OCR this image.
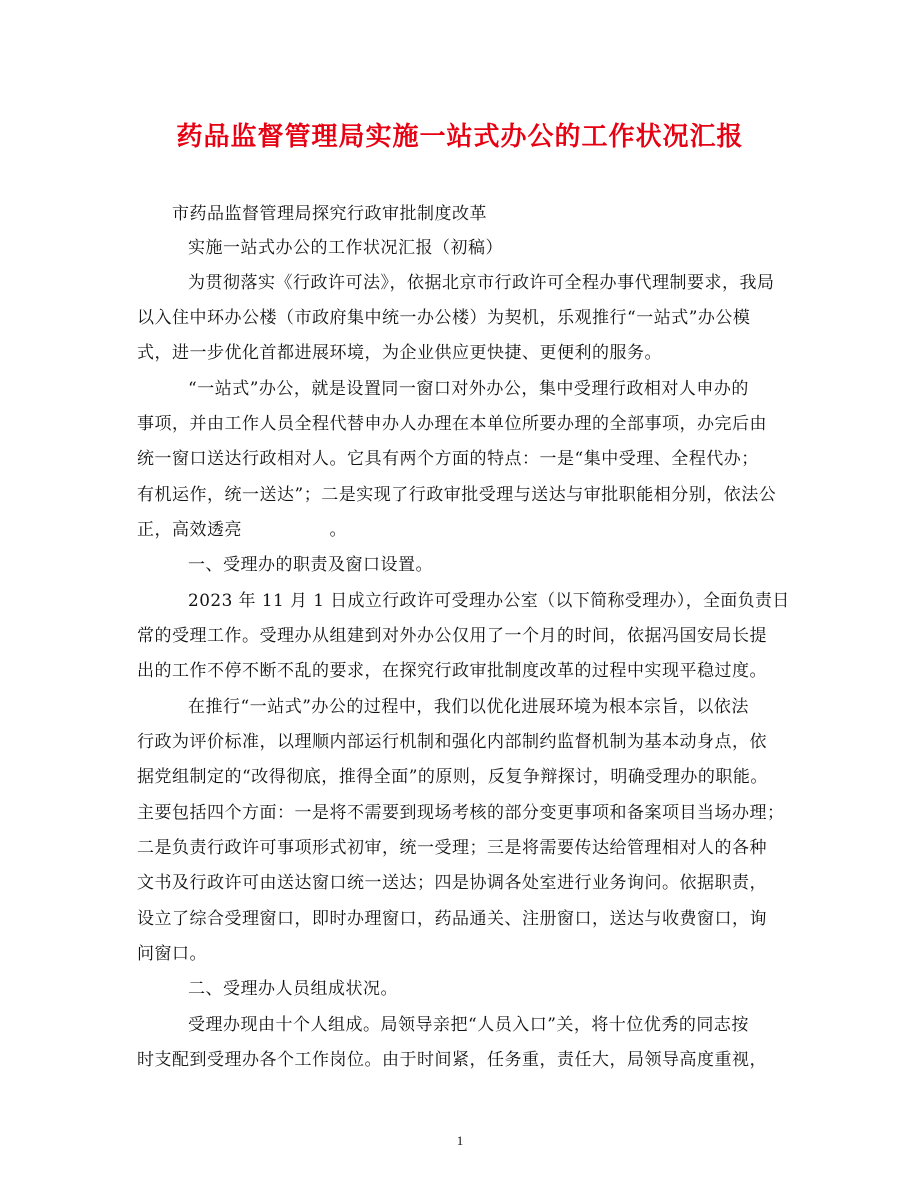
药品监督管理局实施一站式办公的工作状况汇报
市药品监督管理局探究行政审批制度改革
实施一站式办公的工作状况汇报（初稿）
为贯彻落实《行政许可法》，依据北京市行政许可全程办事代理制要求，我局
以入住中环办公楼（市政府集中统一办公楼）为契机，乐观推行“一站式”办公模
式，进一步优化首都进展环境，为企业供应更快捷、更便利的服务。
“一站式”办公，就是设置同一窗口对外办公，集中受理行政相对人申办的
事项，并由工作人员全程代替申办人办理在本单位所要办理的全部事项，办完后由
统一窗口送达行政相对人。它具有两个方面的特点：一是“集中受理、全程代办；
有机运作，统一送达”；二是实现了行政审批受理与送达与审批职能相分别，依法公
正，高效透亮　　　　　。
一、受理办的职责及窗口设置。
2023 年 11 月 1 日成立行政许可受理办公室（以下简称受理办），全面负责日
常的受理工作。受理办从组建到对外办公仅用了一个月的时间，依据冯国安局长提
出的工作不停不断不乱的要求，在探究行政审批制度改革的过程中实现平稳过度。
在推行“一站式”办公的过程中，我们以优化进展环境为根本宗旨，以依法
行政为评价标准，以理顺内部运行机制和强化内部制约监督机制为基本动身点，依
据党组制定的“改得彻底，推得全面”的原则，反复争辩探讨，明确受理办的职能。
主要包括四个方面：一是将不需要到现场考核的部分变更事项和备案项目当场办理；
二是负责行政许可事项形式初审，统一受理；三是将需要传达给管理相对人的各种
文书及行政许可由送达窗口统一送达；四是协调各处室进行业务询问。依据职责，
设立了综合受理窗口，即时办理窗口，药品通关、注册窗口，送达与收费窗口，询
问窗口。
二、受理办人员组成状况。
受理办现由十个人组成。局领导亲把“人员入口”关，将十位优秀的同志按
时支配到受理办各个工作岗位。由于时间紧，任务重，责任大，局领导高度重视，
1
